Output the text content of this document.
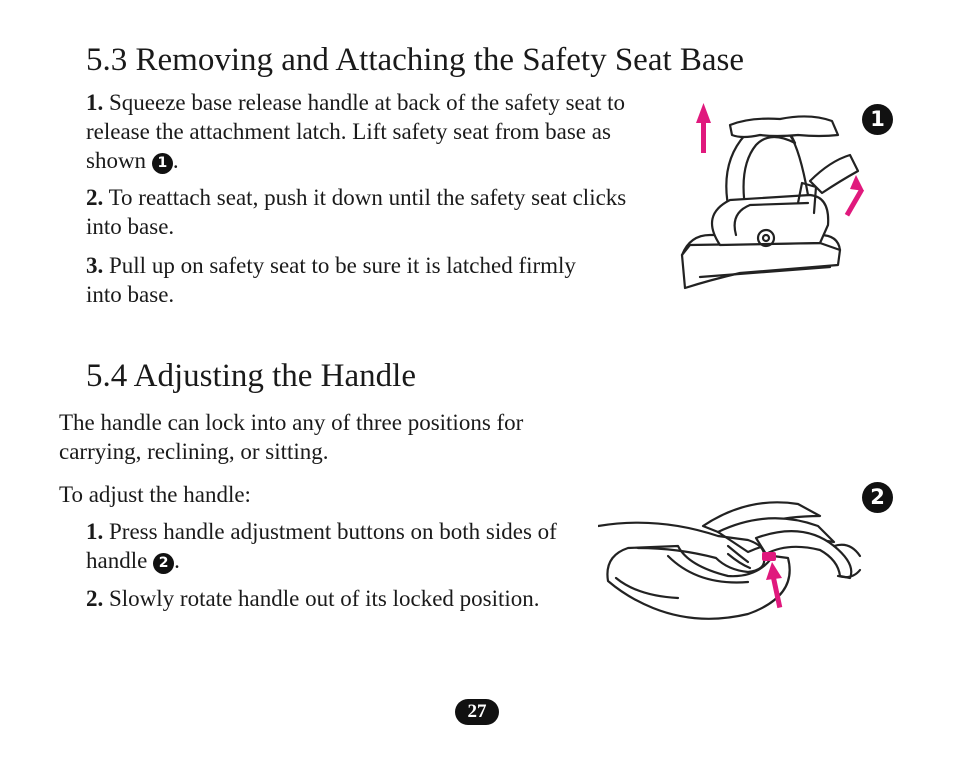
5.3 Removing and Attaching the Safety Seat Base

1. Squeeze base release handle at back of the safety seat to release the attachment latch. Lift safety seat from base as shown 1 .

2. To reattach seat, push it down until the safety seat clicks into base.

3. Pull up on safety seat to be sure it is latched firmly into base.

1
5.4 Adjusting the Handle

The handle can lock into any of three positions for carrying, reclining, or sitting.

To adjust the handle:

1. Press handle adjustment buttons on both sides of handle 2 .

2. Slowly rotate handle out of its locked position.

2
27
